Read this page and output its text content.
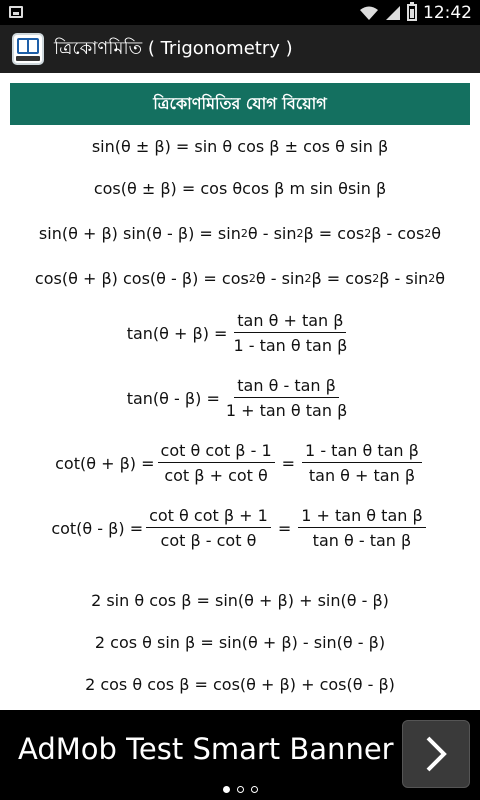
12:42
ত্রিকোণমিতি ( Trigonometry )
ত্রিকোণমিতির যোগ বিয়োগ
sin(θ ± β) = sin θ cos β ± cos θ sin β
cos(θ ± β) = cos θcos β m sin θsin β
sin(θ + β) sin(θ - β) = sin 2 θ - sin 2 β = cos 2 β - cos 2 θ
cos(θ + β) cos(θ - β) = cos 2 θ - sin 2 β = cos 2 β - sin 2 θ
$\tan(\theta + \beta) = \frac{\text{tan θ + tan β}}{\text{1 - tan θ tan β}}$
$\tan(\theta - \beta) = \frac{\text{tan θ - tan β}}{\text{1 + tan θ tan β}}$
$\cot(\theta + \beta) = \frac{\text{cot θ cot β - 1}}{\text{cot β + cot θ}} = \frac{\text{1 - tan θ tan β}}{\text{tan θ + tan β}}$
$\cot(\theta - \beta) = \frac{\text{cot θ cot β + 1}}{\text{cot β - cot θ}} = \frac{\text{1 + tan θ tan β}}{\text{tan θ - tan β}}$
2 sin θ cos β = sin(θ + β) + sin(θ - β)
2 cos θ sin β = sin(θ + β) - sin(θ - β)
2 cos θ cos β = cos(θ + β) + cos(θ - β)
AdMob Test Smart Banner
